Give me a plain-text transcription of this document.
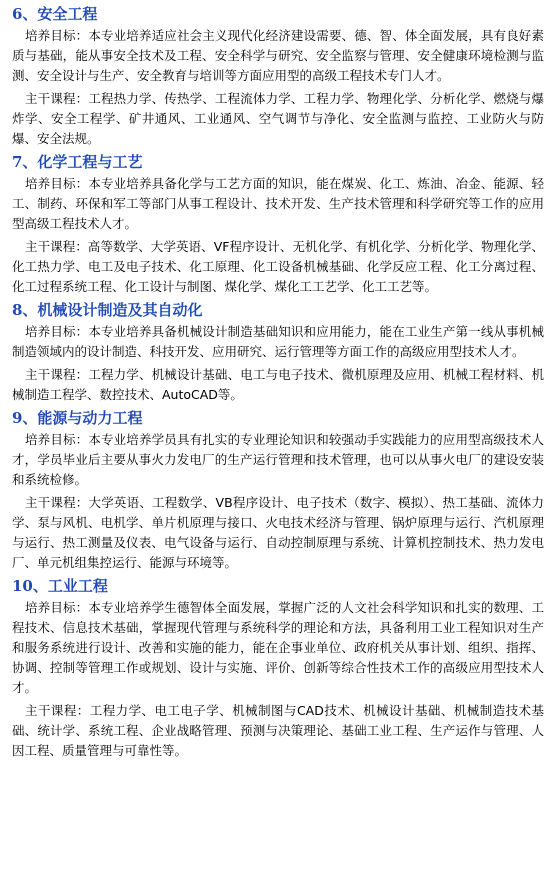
6、安全工程

培养目标：本专业培养适应社会主义现代化经济建设需要、德、智、体全面发展，具有良好素质与基础，能从事安全技术及工程、安全科学与研究、安全监察与管理、安全健康环境检测与监测、安全设计与生产、安全教育与培训等方面应用型的高级工程技术专门人才。

主干课程：工程热力学、传热学、工程流体力学、工程力学、物理化学、分析化学、燃烧与爆炸学、安全工程学、矿井通风、工业通风、空气调节与净化、安全监测与监控、工业防火与防爆、安全法规。

7、化学工程与工艺

培养目标：本专业培养具备化学与工艺方面的知识，能在煤炭、化工、炼油、冶金、能源、轻工、制药、环保和军工等部门从事工程设计、技术开发、生产技术管理和科学研究等工作的应用型高级工程技术人才。

主干课程：高等数学、大学英语、VF程序设计、无机化学、有机化学、分析化学、物理化学、化工热力学、电工及电子技术、化工原理、化工设备机械基础、化学反应工程、化工分离过程、化工过程系统工程、化工设计与制图、煤化学、煤化工工艺学、化工工艺等。

8、机械设计制造及其自动化

培养目标：本专业培养具备机械设计制造基础知识和应用能力，能在工业生产第一线从事机械制造领域内的设计制造、科技开发、应用研究、运行管理等方面工作的高级应用型技术人才。

主干课程：工程力学、机械设计基础、电工与电子技术、微机原理及应用、机械工程材料、机械制造工程学、数控技术、AutoCAD等。

9、能源与动力工程

培养目标：本专业培养学员具有扎实的专业理论知识和较强动手实践能力的应用型高级技术人才，学员毕业后主要从事火力发电厂的生产运行管理和技术管理，也可以从事火电厂的建设安装和系统检修。

主干课程：大学英语、工程数学、VB程序设计、电子技术（数字、模拟）、热工基础、流体力学、泵与风机、电机学、单片机原理与接口、火电技术经济与管理、锅炉原理与运行、汽机原理与运行、热工测量及仪表、电气设备与运行、自动控制原理与系统、计算机控制技术、热力发电厂、单元机组集控运行、能源与环境等。

10、工业工程

培养目标：本专业培养学生德智体全面发展，掌握广泛的人文社会科学知识和扎实的数理、工程技术、信息技术基础，掌握现代管理与系统科学的理论和方法，具备利用工业工程知识对生产和服务系统进行设计、改善和实施的能力，能在企事业单位、政府机关从事计划、组织、指挥、协调、控制等管理工作或规划、设计与实施、评价、创新等综合性技术工作的高级应用型技术人才。

主干课程：工程力学、电工电子学、机械制图与CAD技术、机械设计基础、机械制造技术基础、统计学、系统工程、企业战略管理、预测与决策理论、基础工业工程、生产运作与管理、人因工程、质量管理与可靠性等。
